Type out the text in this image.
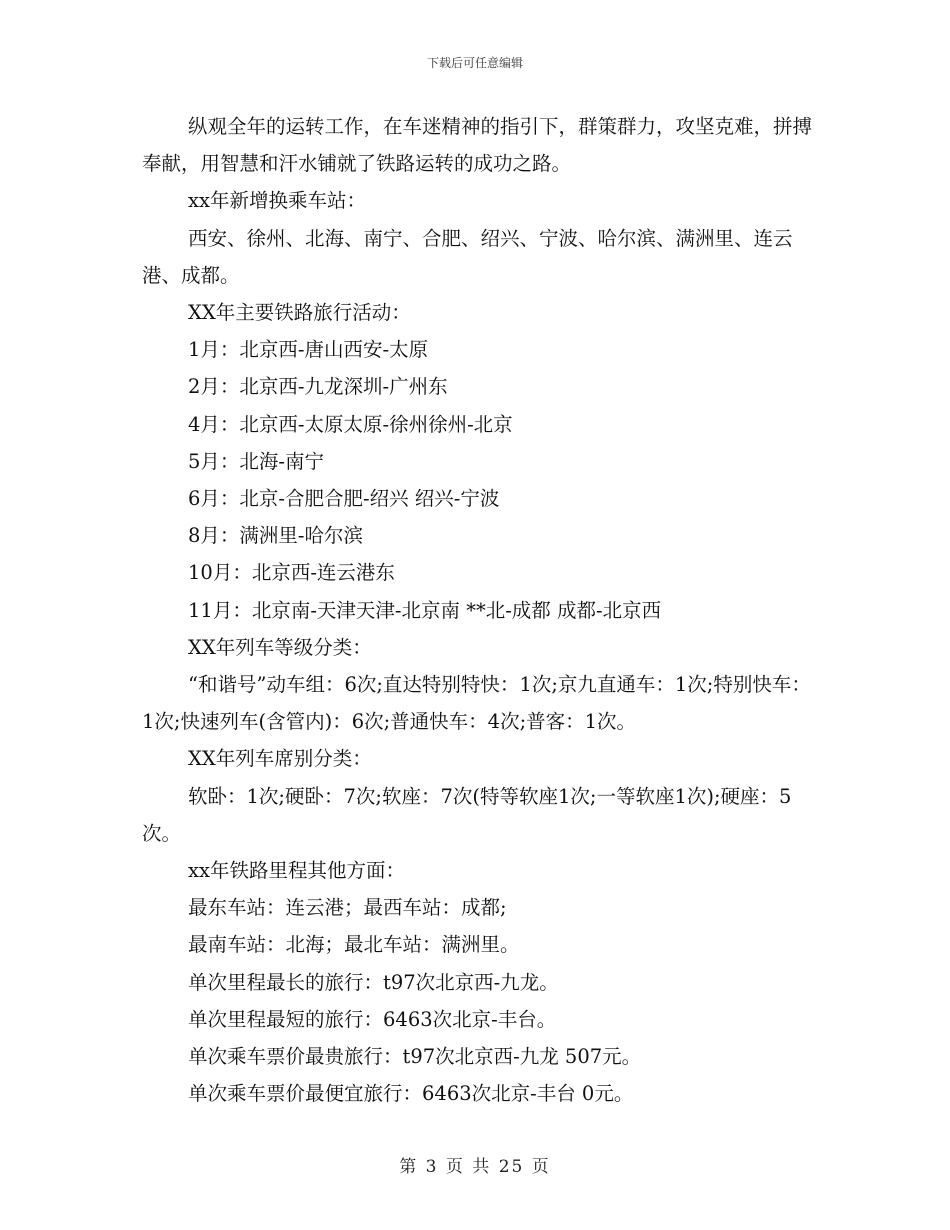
下载后可任意编辑

纵观全年的运转工作，在车迷精神的指引下，群策群力，攻坚克难，拼搏奉献，用智慧和汗水铺就了铁路运转的成功之路。

xx年新增换乘车站：

西安、徐州、北海、南宁、合肥、绍兴、宁波、哈尔滨、满洲里、连云港、成都。

XX年主要铁路旅行活动：

1月：北京西-唐山西安-太原

2月：北京西-九龙深圳-广州东

4月：北京西-太原太原-徐州徐州-北京

5月：北海-南宁

6月：北京-合肥合肥-绍兴 绍兴-宁波

8月：满洲里-哈尔滨

10月：北京西-连云港东

11月：北京南-天津天津-北京南 **北-成都 成都-北京西

XX年列车等级分类：

“和谐号”动车组：6次;直达特别特快：1次;京九直通车：1次;特别快车：1次;快速列车(含管内)：6次;普通快车：4次;普客：1次。

XX年列车席别分类：

软卧：1次;硬卧：7次;软座：7次(特等软座1次;一等软座1次);硬座：5次。

xx年铁路里程其他方面：

最东车站：连云港；最西车站：成都;

最南车站：北海；最北车站：满洲里。

单次里程最长的旅行：t97次北京西-九龙。

单次里程最短的旅行：6463次北京-丰台。

单次乘车票价最贵旅行：t97次北京西-九龙 507元。

单次乘车票价最便宜旅行：6463次北京-丰台 0元。

第 3 页 共 25 页
